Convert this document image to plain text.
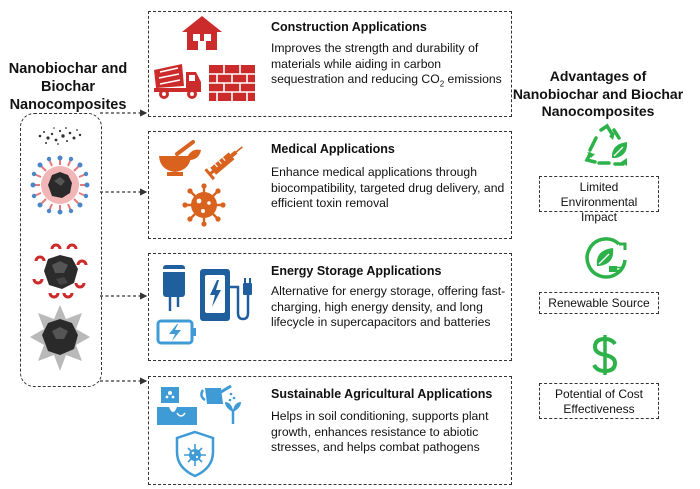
Nanobiochar and Biochar Nanocomposites
Construction Applications
Improves the strength and durability of materials while aiding in carbon sequestration and reducing $CO_2$ emissions
Medical Applications
Enhance medical applications through biocompatibility, targeted drug delivery, and efficient toxin removal
Energy Storage Applications
Alternative for energy storage, offering fast-charging, high energy density, and long lifecycle in supercapacitors and batteries
Sustainable Agricultural Applications
Helps in soil conditioning, supports plant growth, enhances resistance to abiotic stresses, and helps combat pathogens
Advantages of Nanobiochar and Biochar Nanocomposites
Limited Environmental Impact
Renewable Source
Potential of Cost Effectiveness
